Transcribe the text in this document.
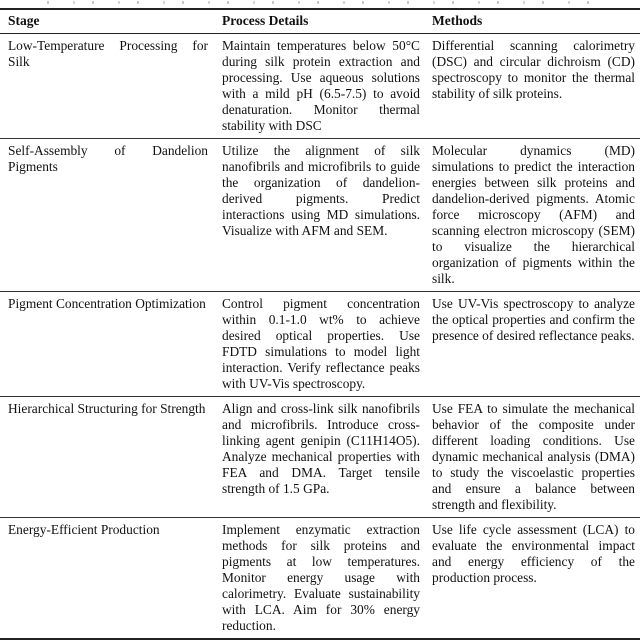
Stage	Process Details	Methods
Low-Temperature Processing for Silk	Maintain temperatures below 50°C during silk protein extraction and processing. Use aqueous solutions with a mild pH (6.5-7.5) to avoid denaturation. Monitor thermal stability with DSC	Differential scanning calorimetry (DSC) and circular dichroism (CD) spectroscopy to monitor the thermal stability of silk proteins.
Self-Assembly of Dandelion Pigments	Utilize the alignment of silk nanofibrils and microfibrils to guide the organization of dandelion-derived pigments. Predict interactions using MD simulations. Visualize with AFM and SEM.	Molecular dynamics (MD) simulations to predict the interaction energies between silk proteins and dandelion-derived pigments. Atomic force microscopy (AFM) and scanning electron microscopy (SEM) to visualize the hierarchical organization of pigments within the silk.
Pigment Concentration Optimization	Control pigment concentration within 0.1-1.0 wt% to achieve desired optical properties. Use FDTD simulations to model light interaction. Verify reflectance peaks with UV-Vis spectroscopy.	Use UV-Vis spectroscopy to analyze the optical properties and confirm the presence of desired reflectance peaks.
Hierarchical Structuring for Strength	Align and cross-link silk nanofibrils and microfibrils. Introduce cross-linking agent genipin (C11H14O5). Analyze mechanical properties with FEA and DMA. Target tensile strength of 1.5 GPa.	Use FEA to simulate the mechanical behavior of the composite under different loading conditions. Use dynamic mechanical analysis (DMA) to study the viscoelastic properties and ensure a balance between strength and flexibility.
Energy-Efficient Production	Implement enzymatic extraction methods for silk proteins and pigments at low temperatures. Monitor energy usage with calorimetry. Evaluate sustainability with LCA. Aim for 30% energy reduction.	Use life cycle assessment (LCA) to evaluate the environmental impact and energy efficiency of the production process.
